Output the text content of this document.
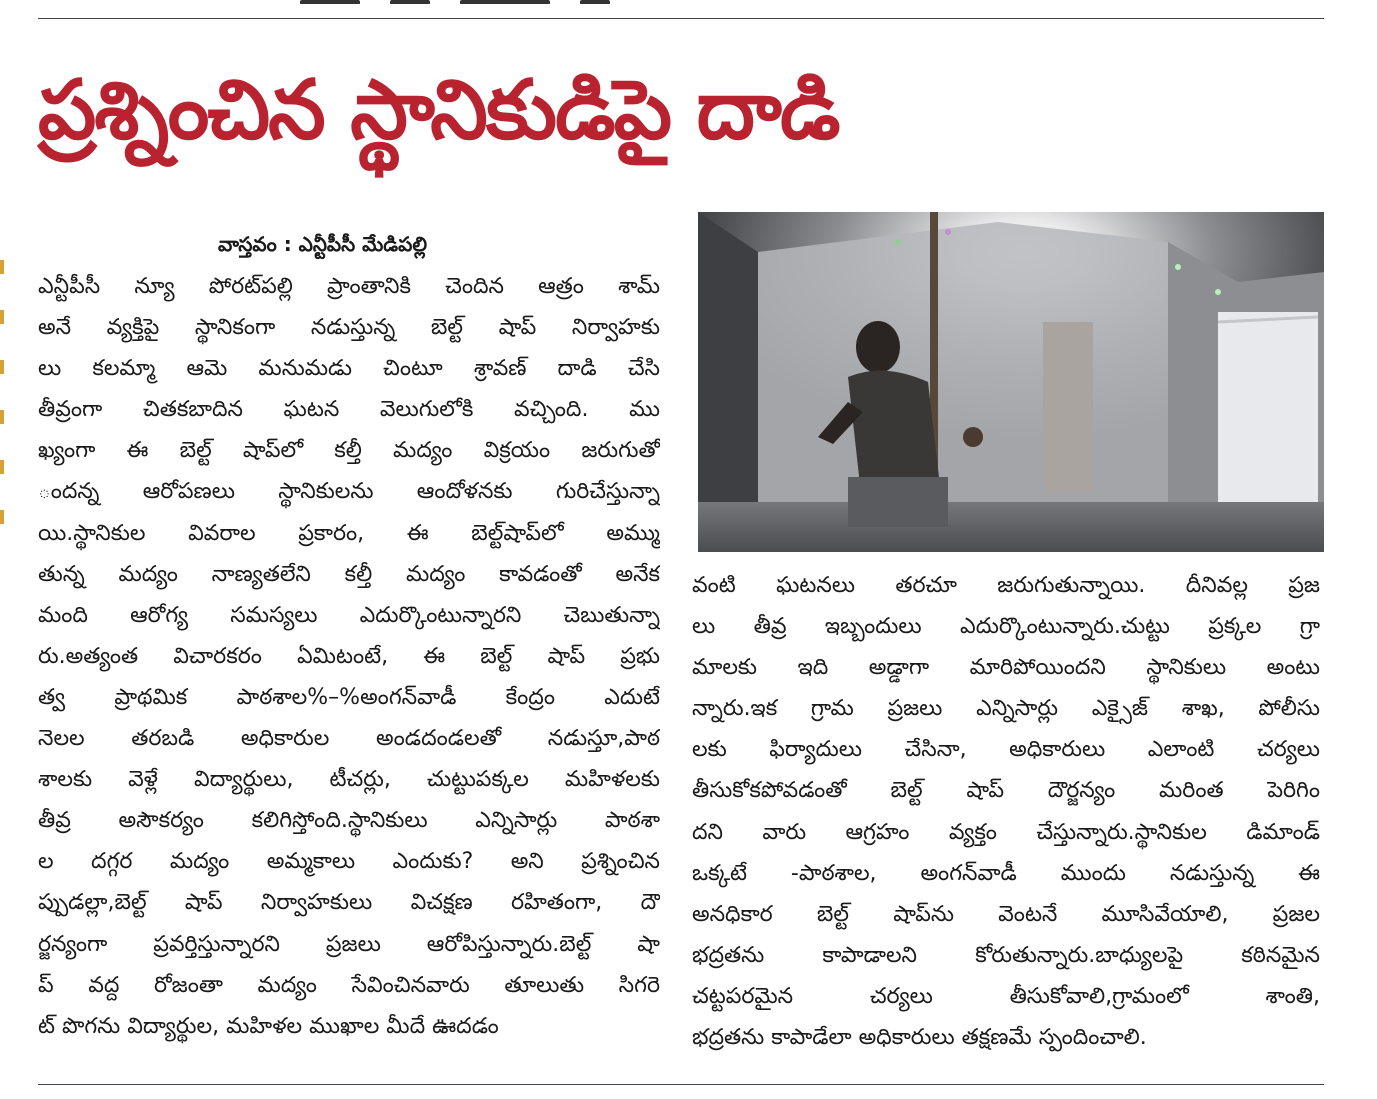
ప్రశ్నించిన స్థానికుడిపై దాడి
వాస్తవం : ఎన్టీపీసీ మేడిపల్లి
ఎన్టీపీసీ న్యూ పోరట్‌పల్లి ప్రాంతానికి చెందిన ఆత్రం శామ్
అనే వ్యక్తిపై స్థానికంగా నడుస్తున్న బెల్ట్ షాప్ నిర్వాహకు
లు కలమ్మా ఆమె మనుమడు చింటూ శ్రావణ్ దాడి చేసి
తీవ్రంగా చితకబాదిన ఘటన వెలుగులోకి వచ్చింది. ము
ఖ్యంగా ఈ బెల్ట్ షాప్‌లో కల్తీ మద్యం విక్రయం జరుగుతో
ందన్న ఆరోపణలు స్థానికులను ఆందోళనకు గురిచేస్తున్నా
యి.స్థానికుల వివరాల ప్రకారం, ఈ బెల్ట్‌షాప్‌లో అమ్ము
తున్న మద్యం నాణ్యతలేని కల్తీ మద్యం కావడంతో అనేక
మంది ఆరోగ్య సమస్యలు ఎదుర్కొంటున్నారని చెబుతున్నా
రు.అత్యంత విచారకరం ఏమిటంటే, ఈ బెల్ట్ షాప్ ప్రభు
త్వ ప్రాథమిక పాఠశాల%–%అంగన్‌వాడీ కేంద్రం ఎదుటే
నెలల తరబడి అధికారుల అండదండలతో నడుస్తూ,పాఠ
శాలకు వెళ్లే విద్యార్థులు, టీచర్లు, చుట్టుపక్కల మహిళలకు
తీవ్ర అసౌకర్యం కలిగిస్తోంది.స్థానికులు ఎన్నిసార్లు పాఠశా
ల దగ్గర మద్యం అమ్మకాలు ఎందుకు? అని ప్రశ్నించిన
ప్పుడల్లా,బెల్ట్ షాప్ నిర్వాహకులు విచక్షణ రహితంగా, దౌ
ర్జన్యంగా ప్రవర్తిస్తున్నారని ప్రజలు ఆరోపిస్తున్నారు.బెల్ట్ షా
ప్ వద్ద రోజంతా మద్యం సేవించినవారు తూలుతు సిగరె
ట్ పొగను విద్యార్థుల, మహిళల ముఖాల మీదే ఊదడం
వంటి ఘటనలు తరచూ జరుగుతున్నాయి. దీనివల్ల ప్రజ
లు తీవ్ర ఇబ్బందులు ఎదుర్కొంటున్నారు.చుట్టు ప్రక్కల గ్రా
మాలకు ఇది అడ్డాగా మారిపోయిందని స్థానికులు అంటు
న్నారు.ఇక గ్రామ ప్రజలు ఎన్నిసార్లు ఎక్సైజ్ శాఖ, పోలీసు
లకు ఫిర్యాదులు చేసినా, అధికారులు ఎలాంటి చర్యలు
తీసుకోకపోవడంతో బెల్ట్ షాప్ దౌర్జన్యం మరింత పెరిగిం
దని వారు ఆగ్రహం వ్యక్తం చేస్తున్నారు.స్థానికుల డిమాండ్
ఒక్కటే ‑పాఠశాల, అంగన్‌వాడీ ముందు నడుస్తున్న ఈ
అనధికార బెల్ట్ షాప్‌ను వెంటనే మూసివేయాలి, ప్రజల
భద్రతను కాపాడాలని కోరుతున్నారు.బాధ్యులపై కఠినమైన
చట్టపరమైన చర్యలు తీసుకోవాలి,గ్రామంలో శాంతి,
భద్రతను కాపాడేలా అధికారులు తక్షణమే స్పందించాలి.
